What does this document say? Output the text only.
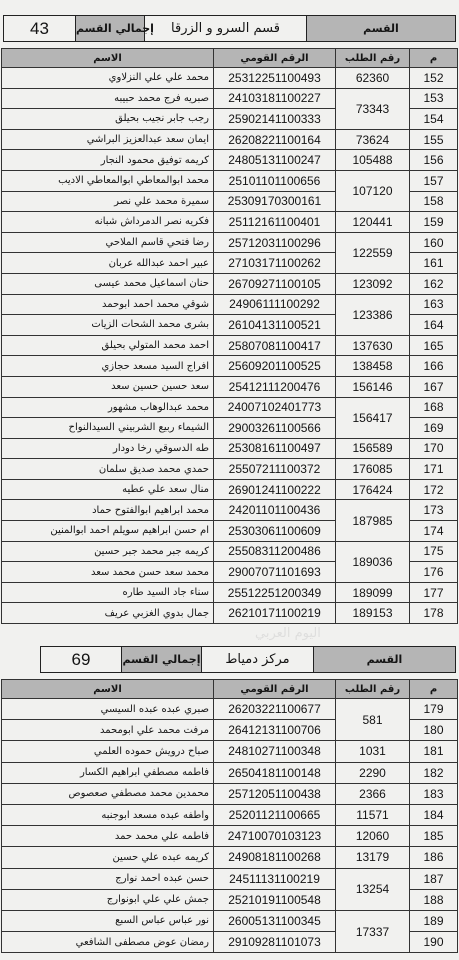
43	إجمالي القسم	قسم السرو و الزرقا	القسم
الاسم	الرقم القومي	رقم الطلب	م
محمد علي علي النزلاوي	25312251100493	62360	152
صبريه فرج محمد حبيبه	24103181100227	73343	153
رجب جابر نجيب بحيلق	25902141100333		154
ايمان سعد عبدالعزيز البراشي	26208221100164	73624	155
كريمه توفيق محمود النجار	24805131100247	105488	156
محمد ابوالمعاطي ابوالمعاطي الاديب	25101101100656	107120	157
سميرة محمد علي نصر	25309170300161		158
فكريه نصر الدمرداش شبانه	25112161100401	120441	159
رضا فتحي قاسم الملاحي	25712031100296	122559	160
عبير احمد عبدالله عربان	27103171100262		161
حنان اسماعيل محمد عيسى	26709271100105	123092	162
شوقي محمد احمد ابوحمد	24906111100292	123386	163
بشرى محمد الشحات الزيات	26104131100521		164
احمد محمد المتولي بحيلق	25807081100417	137630	165
افراج السيد مسعد حجازي	25609201100525	138458	166
سعد حسين حسين سعد	25412111200476	156146	167
محمد عبدالوهاب مشهور	24007102401773	156417	168
الشيماء ربيع الشربيني السيدالنواح	29003261100566		169
طه الدسوقي رخا دودار	25308161100497	156589	170
حمدي محمد صديق سلمان	25507211100372	176085	171
منال سعد علي عطيه	26901241100222	176424	172
محمد ابراهيم ابوالفتوح حماد	24201101100436	187985	173
ام حسن ابراهيم سويلم احمد ابوالمنين	25303061100609		174
كريمه جبر محمد جبر حسين	25508311200486	189036	175
محمد سعد حسن محمد سعد	29007071101693		176
سناء جاد السيد طاره	25512251200349	189099	177
جمال بدوي الغزبي عريف	26210171100219	189153	178
69	إجمالي القسم	مركز دمياط	القسم
الاسم	الرقم القومي	رقم الطلب	م
صبري عبده عبده السيسي	26203221100677	581	179
مرفت محمد علي ابومحمد	26412131100706		180
صباح درويش حموده العلمي	24810271100348	1031	181
فاطمه مصطفي ابراهيم الكسار	26504181100148	2290	182
محمدين محمد مصطفي صعصوص	25712051100438	2366	183
واطفه عبده مسعد ابوجنبه	25201121100665	11571	184
فاطمه علي محمد حمد	24710070103123	12060	185
كريمه عبده علي حسين	24908181100268	13179	186
حسن عبده احمد نوارج	24511131100219	13254	187
جمش علي علي ابونوارج	25210191100548		188
نور عباس عباس السبع	26005131100345	17337	189
رمضان عوض مصطفى الشافعي	29109281101073		190
اليوم العربي
